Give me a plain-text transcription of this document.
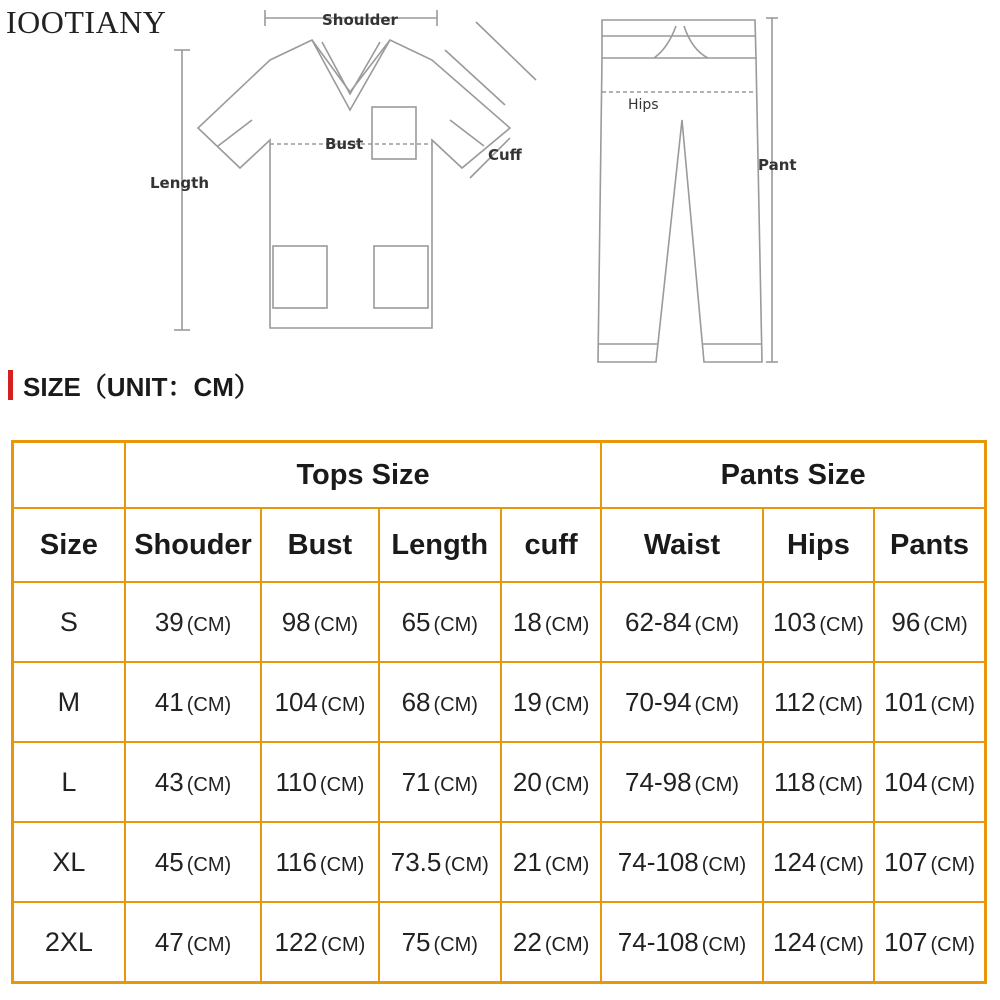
IOOTIANY	Shoulder
Bust
Cuff
Length
Hips
Pant
SIZE（UNIT：CM）
	Tops Size				Pants Size		
Size	Shouder	Bust	Length	cuff	Waist	Hips	Pants
S	39 (CM)	98 (CM)	65 (CM)	18 (CM)	62-84 (CM)	103 (CM)	96 (CM)
M	41 (CM)	104 (CM)	68 (CM)	19 (CM)	70-94 (CM)	112 (CM)	101 (CM)
L	43 (CM)	110 (CM)	71 (CM)	20 (CM)	74-98 (CM)	118 (CM)	104 (CM)
XL	45 (CM)	116 (CM)	73.5 (CM)	21 (CM)	74-108 (CM)	124 (CM)	107 (CM)
2XL	47 (CM)	122 (CM)	75 (CM)	22 (CM)	74-108 (CM)	124 (CM)	107 (CM)
